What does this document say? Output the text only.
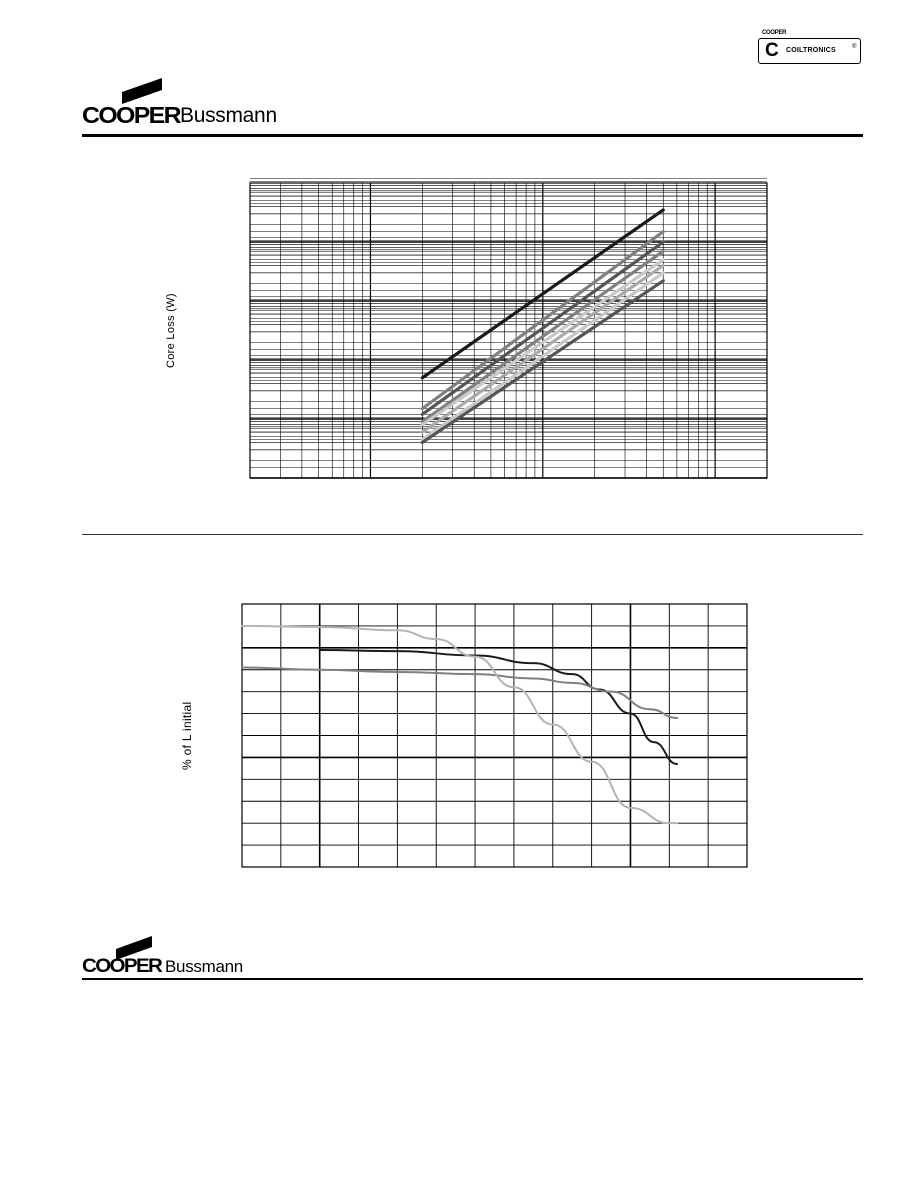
COOPER
C COILTRONICS	®
COOPER Bussmann
Core Loss (W)
% of L initial
COOPER Bussmann
